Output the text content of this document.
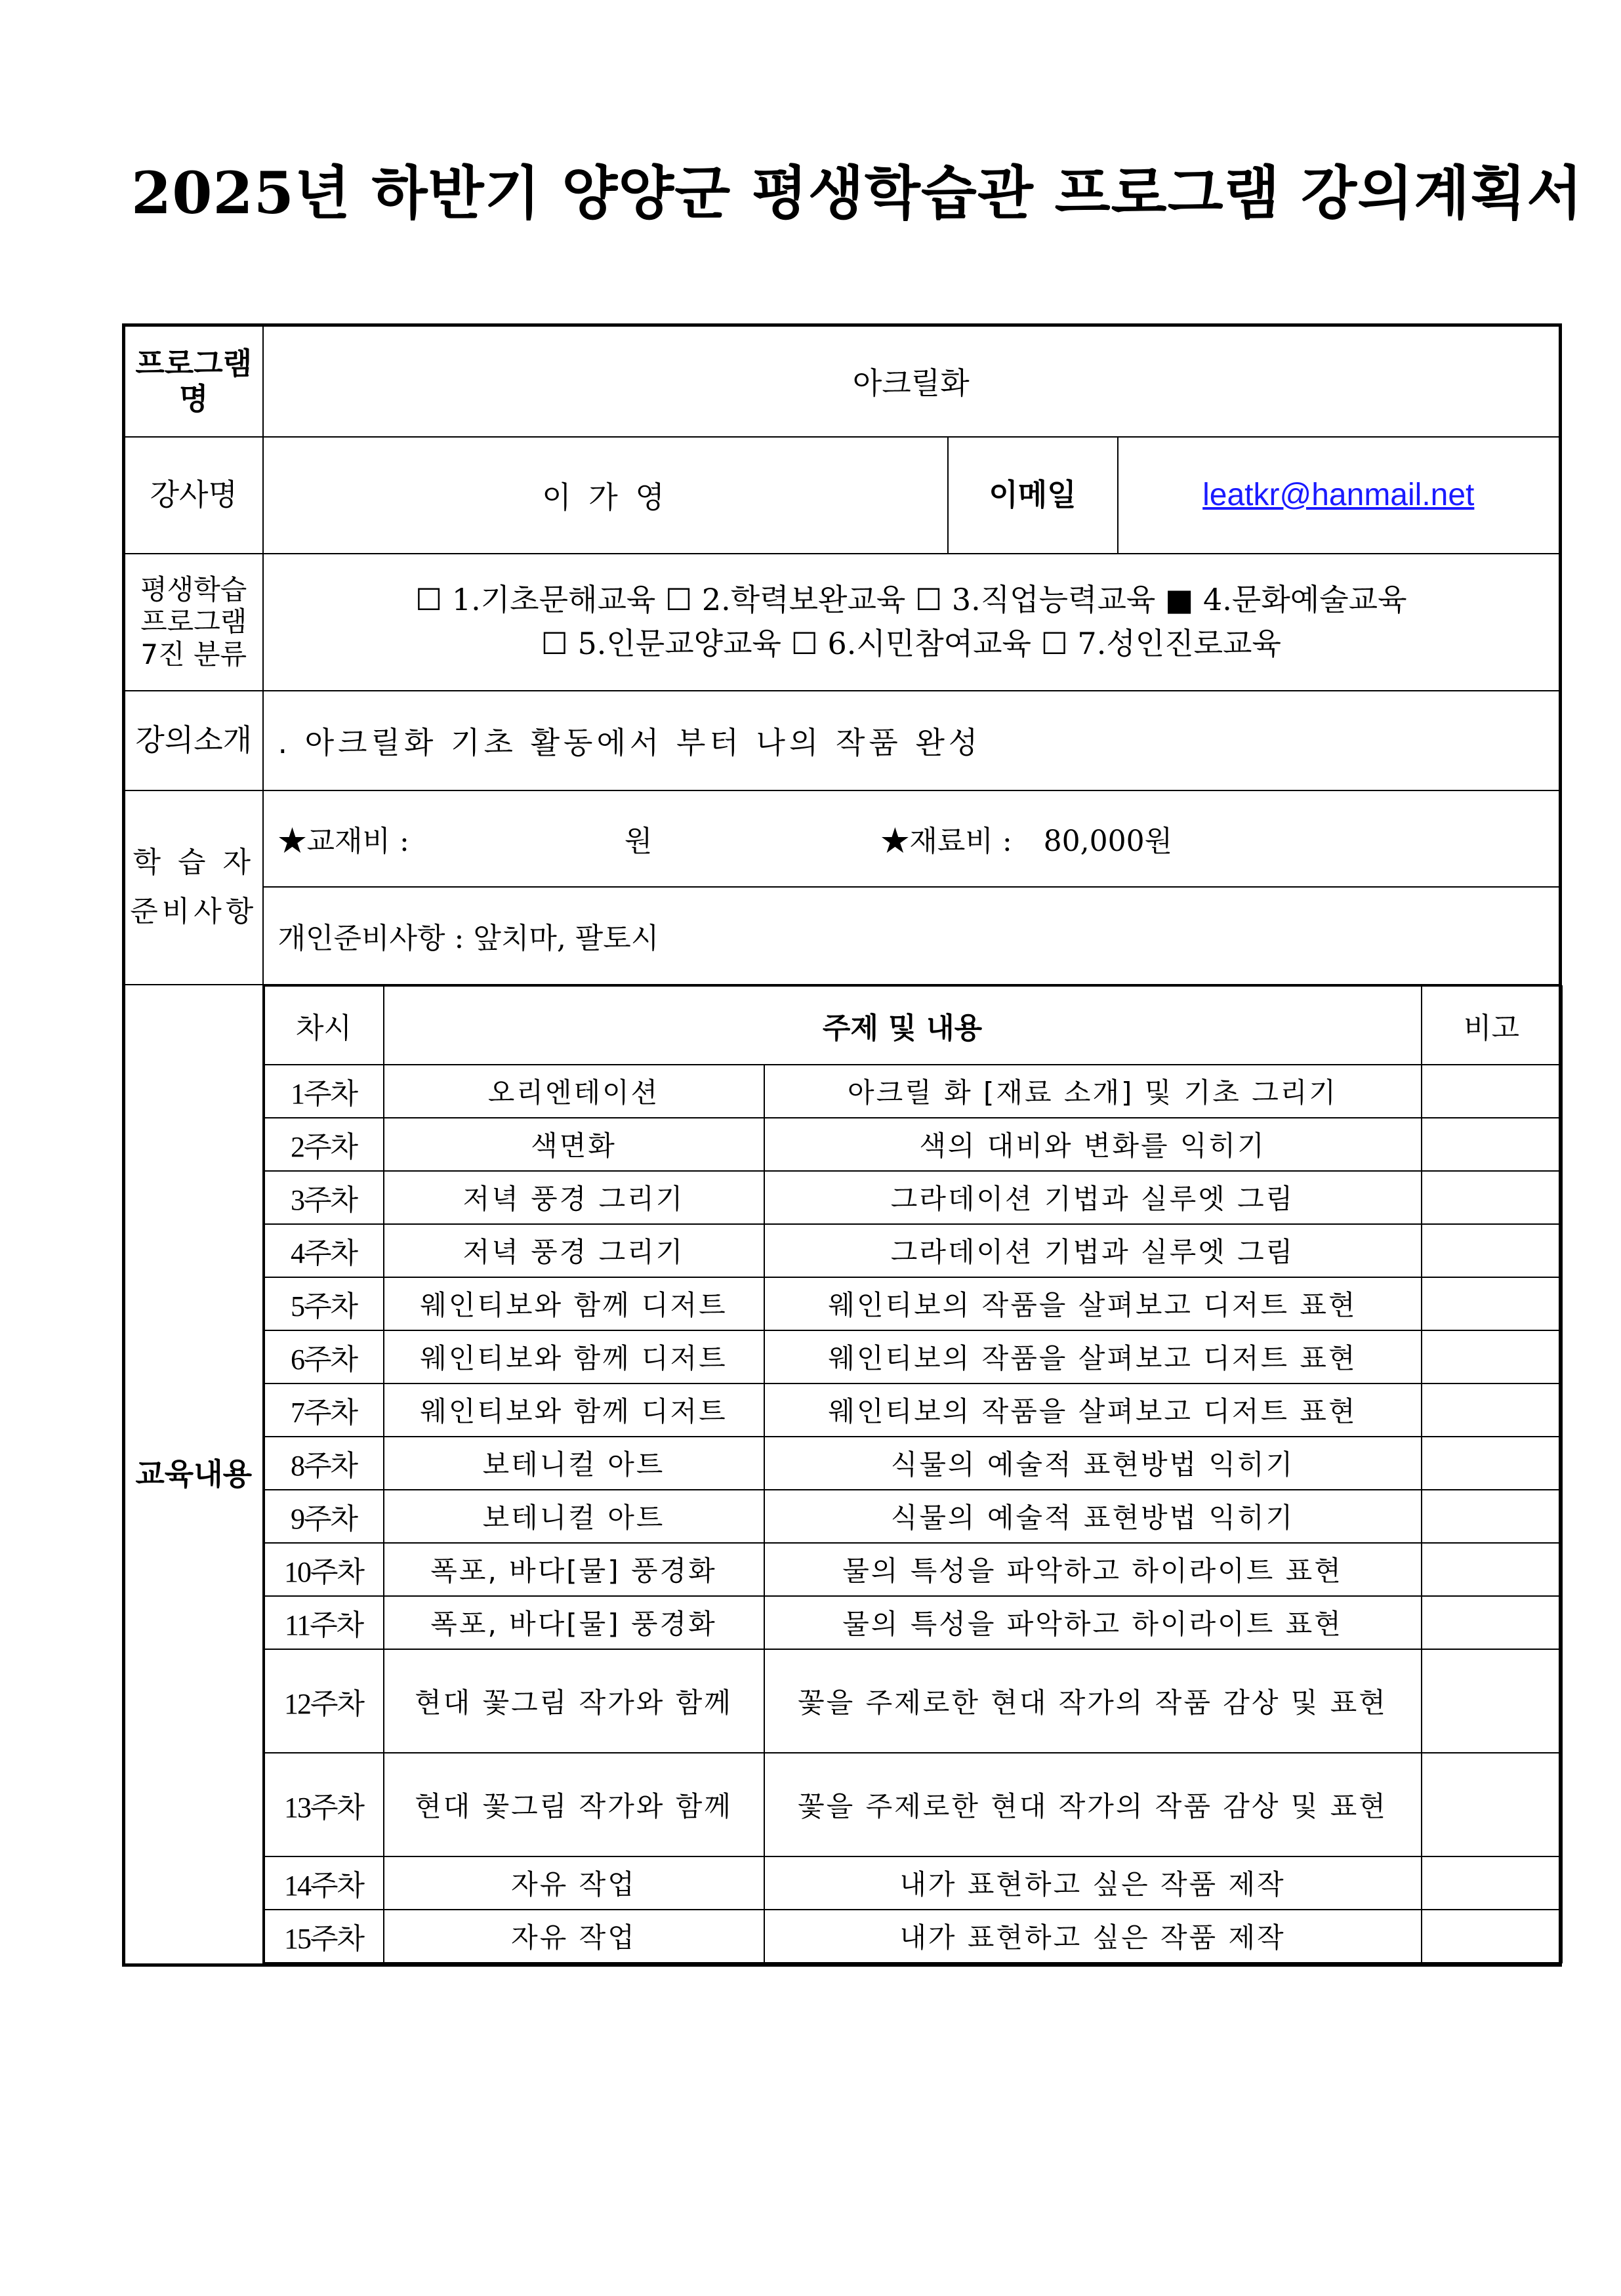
2025년 하반기 양양군 평생학습관 프로그램 강의계획서
프로그램명	아크릴화
강사명	이 가 영	이메일	leatkr@hanmail.net
평생학습
프로그램
7진 분류	
☐ 1.기초문해교육 ☐ 2.학력보완교육 ☐ 3.직업능력교육 ■ 4.문화예술교육
☐ 5.인문교양교육 ☐ 6.시민참여교육 ☐ 7.성인진로교육

강의소개	. 아크릴화 기초 활동에서 부터 나의 작품 완성
학 습 자
준비사항	★교재비 :	원	★재료비 : 80,000원
개인준비사항 : 앞치마, 팔토시
교육내용	
차시	주제 및 내용	비고
1주차	오리엔테이션	아크릴 화 [재료 소개] 및 기초 그리기	
2주차	색면화	색의 대비와 변화를 익히기	
3주차	저녁 풍경 그리기	그라데이션 기법과 실루엣 그림	
4주차	저녁 풍경 그리기	그라데이션 기법과 실루엣 그림	
5주차	웨인티보와 함께 디저트	웨인티보의 작품을 살펴보고 디저트 표현	
6주차	웨인티보와 함께 디저트	웨인티보의 작품을 살펴보고 디저트 표현	
7주차	웨인티보와 함께 디저트	웨인티보의 작품을 살펴보고 디저트 표현	
8주차	보테니컬 아트	식물의 예술적 표현방법 익히기	
9주차	보테니컬 아트	식물의 예술적 표현방법 익히기	
10주차	폭포, 바다[물] 풍경화	물의 특성을 파악하고 하이라이트 표현	
11주차	폭포, 바다[물] 풍경화	물의 특성을 파악하고 하이라이트 표현	
12주차	현대 꽃그림 작가와 함께	꽃을 주제로한 현대 작가의 작품 감상 및 표현	
13주차	현대 꽃그림 작가와 함께	꽃을 주제로한 현대 작가의 작품 감상 및 표현	
14주차	자유 작업	내가 표현하고 싶은 작품 제작	
15주차	자유 작업	내가 표현하고 싶은 작품 제작	
